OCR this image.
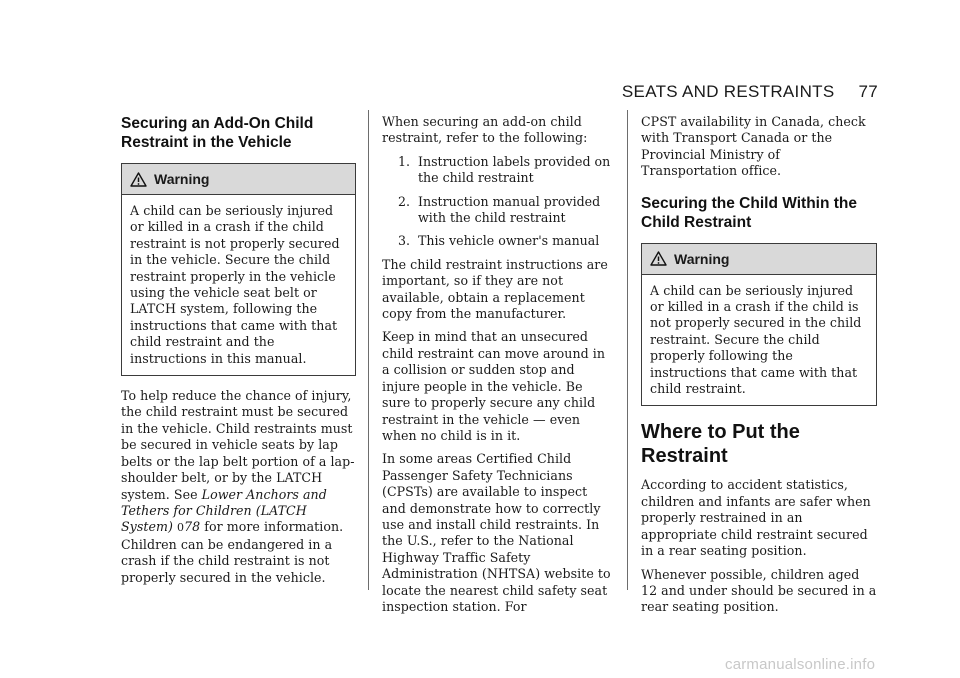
SEATS AND RESTRAINTS 77
Securing an Add-On Child Restraint in the Vehicle
Warning

A child can be seriously injured or killed in a crash if the child restraint is not properly secured in the vehicle. Secure the child restraint properly in the vehicle using the vehicle seat belt or LATCH system, following the instructions that came with that child restraint and the instructions in this manual.

To help reduce the chance of injury, the child restraint must be secured in the vehicle. Child restraints must be secured in vehicle seats by lap belts or the lap belt portion of a lap-shoulder belt, or by the LATCH system. See Lower Anchors and Tethers for Children (LATCH System) 078 for more information. Children can be endangered in a crash if the child restraint is not properly secured in the vehicle.

When securing an add-on child restraint, refer to the following:

1. Instruction labels provided on the child restraint
2. Instruction manual provided with the child restraint
3. This vehicle owner's manual

The child restraint instructions are important, so if they are not available, obtain a replacement copy from the manufacturer.

Keep in mind that an unsecured child restraint can move around in a collision or sudden stop and injure people in the vehicle. Be sure to properly secure any child restraint in the vehicle — even when no child is in it.

In some areas Certified Child Passenger Safety Technicians (CPSTs) are available to inspect and demonstrate how to correctly use and install child restraints. In the U.S., refer to the National Highway Traffic Safety Administration (NHTSA) website to locate the nearest child safety seat inspection station. For

CPST availability in Canada, check with Transport Canada or the Provincial Ministry of Transportation office.

Securing the Child Within the Child Restraint
Warning

A child can be seriously injured or killed in a crash if the child is not properly secured in the child restraint. Secure the child properly following the instructions that came with that child restraint.

Where to Put the Restraint

According to accident statistics, children and infants are safer when properly restrained in an appropriate child restraint secured in a rear seating position.

Whenever possible, children aged 12 and under should be secured in a rear seating position.

carmanualsonline.info
